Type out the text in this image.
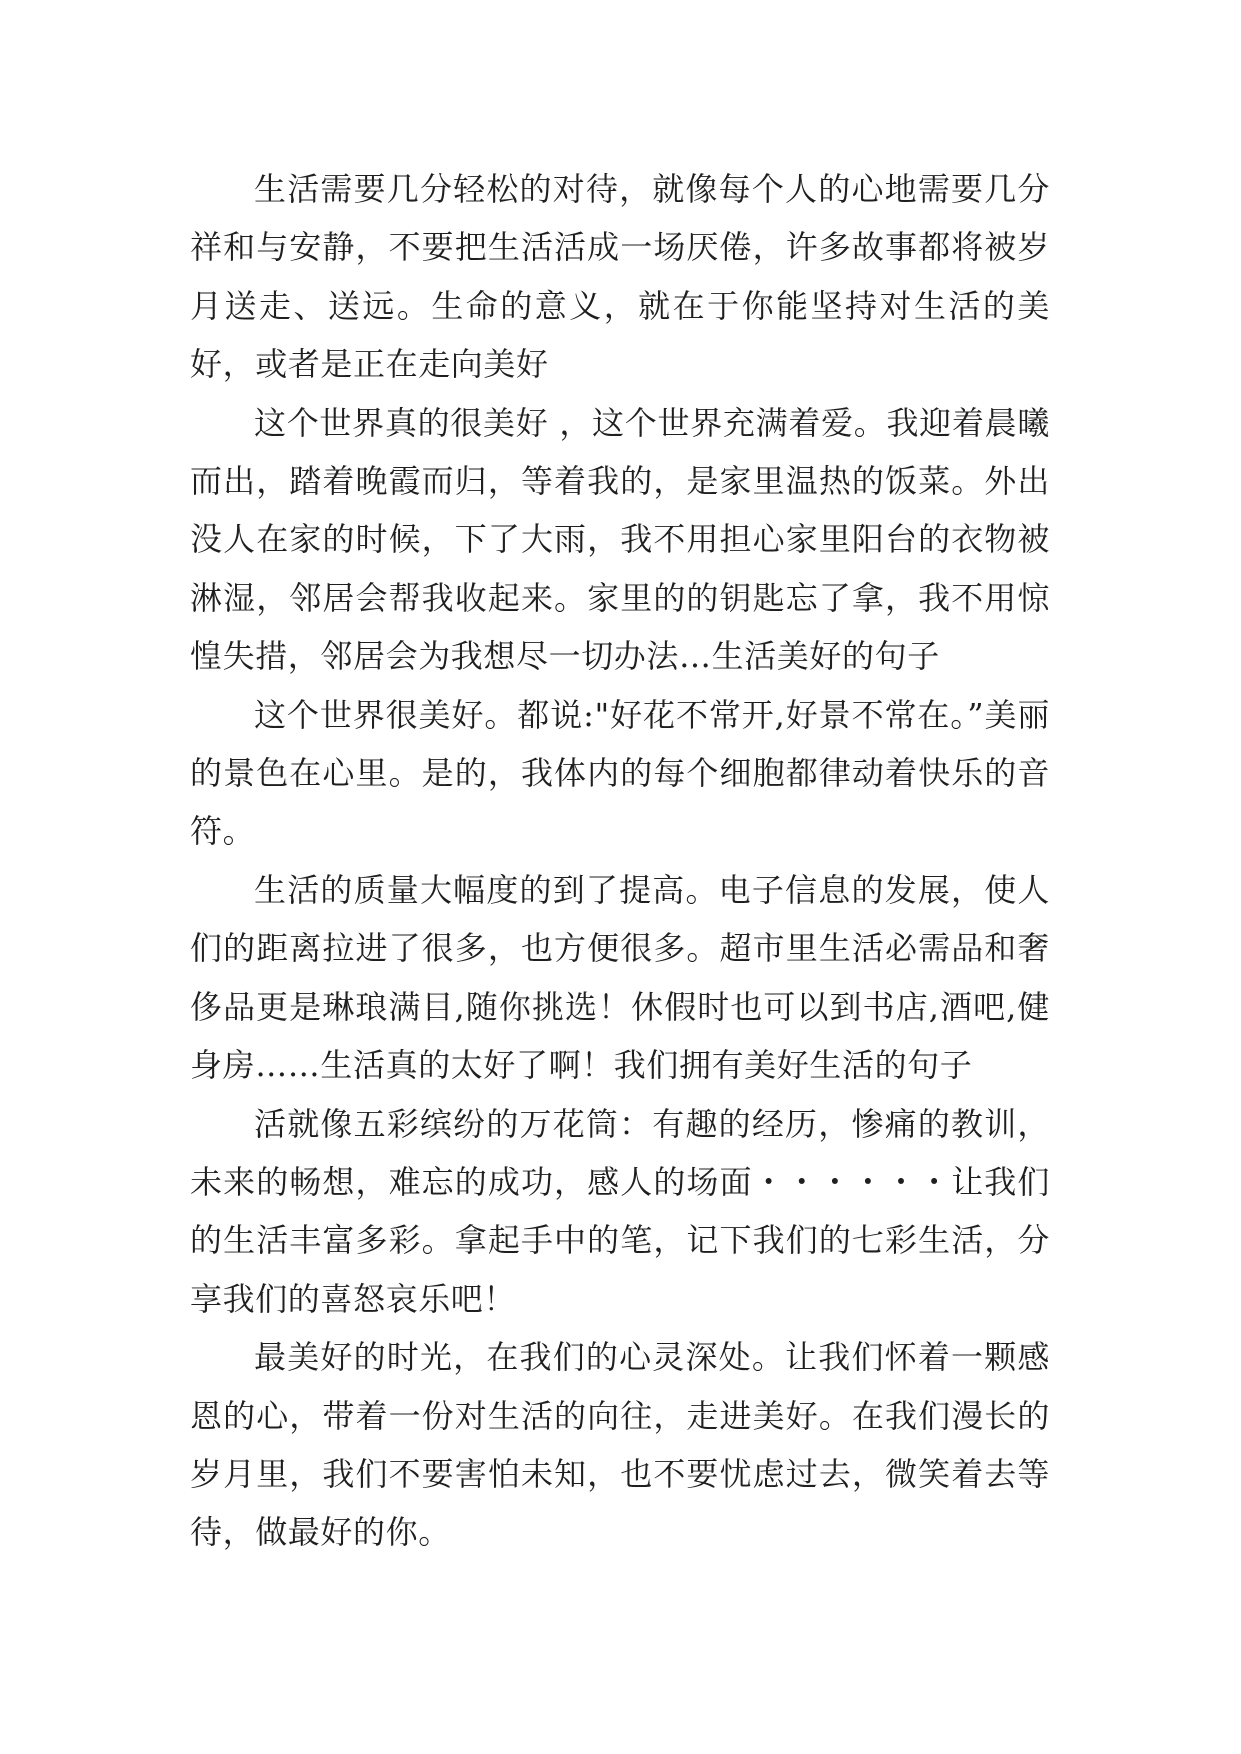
生活需要几分轻松的对待，就像每个人的心地需要几分祥和与安静，不要把生活活成一场厌倦，许多故事都将被岁月送走、送远。生命的意义，就在于你能坚持对生活的美好，或者是正在走向美好

这个世界真的很美好 ，这个世界充满着爱。我迎着晨曦而出，踏着晚霞而归，等着我的，是家里温热的饭菜。外出没人在家的时候，下了大雨，我不用担心家里阳台的衣物被淋湿，邻居会帮我收起来。家里的的钥匙忘了拿，我不用惊惶失措，邻居会为我想尽一切办法…生活美好的句子

这个世界很美好。都说:"好花不常开,好景不常在。”美丽的景色在心里。是的，我体内的每个细胞都律动着快乐的音符。

生活的质量大幅度的到了提高。电子信息的发展，使人们的距离拉进了很多，也方便很多。超市里生活必需品和奢侈品更是琳琅满目,随你挑选！休假时也可以到书店,酒吧,健身房……生活真的太好了啊！我们拥有美好生活的句子

活就像五彩缤纷的万花筒：有趣的经历，惨痛的教训，未来的畅想，难忘的成功，感人的场面・・・・・・让我们的生活丰富多彩。拿起手中的笔，记下我们的七彩生活，分享我们的喜怒哀乐吧！

最美好的时光，在我们的心灵深处。让我们怀着一颗感恩的心，带着一份对生活的向往，走进美好。在我们漫长的岁月里，我们不要害怕未知，也不要忧虑过去，微笑着去等待，做最好的你。
